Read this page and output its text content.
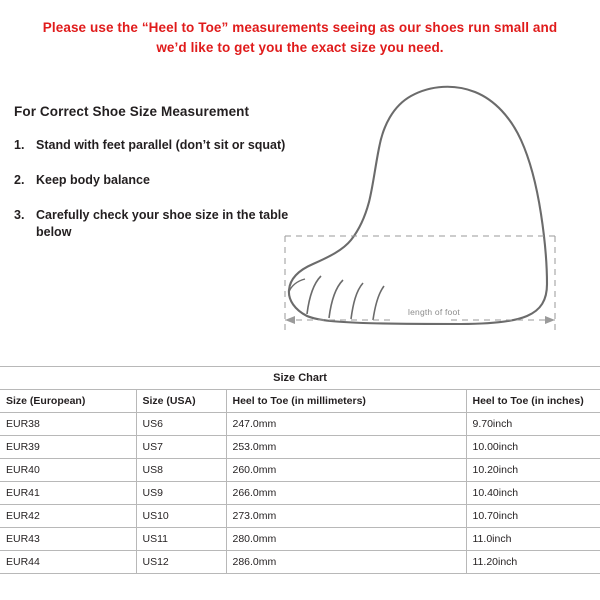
Please use the “Heel to Toe” measurements seeing as our shoes run small and we’d like to get you the exact size you need.
For Correct Shoe Size Measurement
1. Stand with feet parallel (don’t sit or squat)
2. Keep body balance
3. Carefully check your shoe size in the table below
length of foot
Size Chart			
Size (European)	Size (USA)	Heel to Toe (in millimeters)	Heel to Toe (in inches)
EUR38	US6	247.0mm	9.70inch
EUR39	US7	253.0mm	10.00inch
EUR40	US8	260.0mm	10.20inch
EUR41	US9	266.0mm	10.40inch
EUR42	US10	273.0mm	10.70inch
EUR43	US11	280.0mm	11.0inch
EUR44	US12	286.0mm	11.20inch
